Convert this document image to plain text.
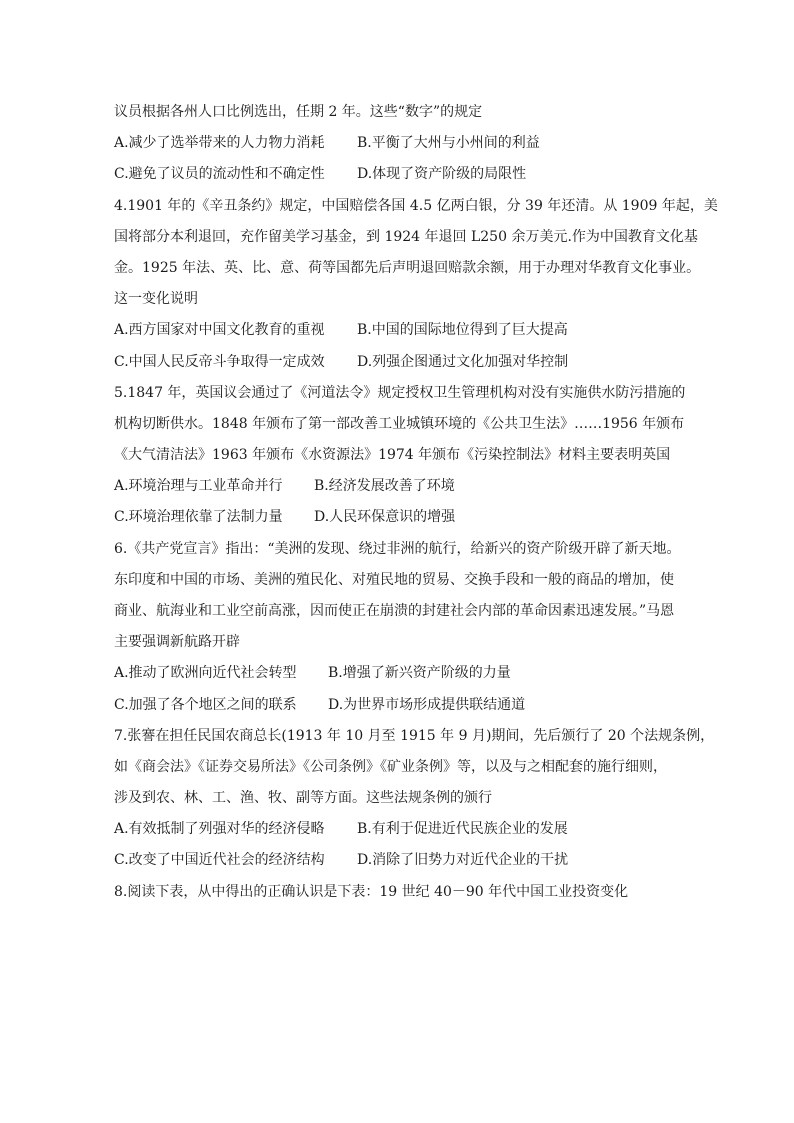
议员根据各州人口比例选出，任期 2 年。这些“数字”的规定
A.减少了选举带来的人力物力消耗 B.平衡了大州与小州间的利益
C.避免了议员的流动性和不确定性 D.体现了资产阶级的局限性
4.1901 年的《辛丑条约》规定，中国赔偿各国 4.5 亿两白银，分 39 年还清。从 1909 年起，美
国将部分本利退回，充作留美学习基金，到 1924 年退回 L250 余万美元.作为中国教育文化基
金。1925 年法、英、比、意、荷等国都先后声明退回赔款余额，用于办理对华教育文化事业。
这一变化说明
A.西方国家对中国文化教育的重视 B.中国的国际地位得到了巨大提高
C.中国人民反帝斗争取得一定成效 D.列强企图通过文化加强对华控制
5.1847 年，英国议会通过了《河道法令》规定授权卫生管理机构对没有实施供水防污措施的
机构切断供水。1848 年颁布了第一部改善工业城镇环境的《公共卫生法》……1956 年颁布
《大气清洁法》1963 年颁布《水资源法》1974 年颁布《污染控制法》材料主要表明英国
A.环境治理与工业革命并行 B.经济发展改善了环境
C.环境治理依靠了法制力量 D.人民环保意识的增强
6.《共产党宣言》指出：“美洲的发现、绕过非洲的航行，给新兴的资产阶级开辟了新天地。
东印度和中国的市场、美洲的殖民化、对殖民地的贸易、交换手段和一般的商品的增加，使
商业、航海业和工业空前高涨，因而使正在崩溃的封建社会内部的革命因素迅速发展。”马恩
主要强调新航路开辟
A.推动了欧洲向近代社会转型 B.增强了新兴资产阶级的力量
C.加强了各个地区之间的联系 D.为世界市场形成提供联结通道
7.张謇在担任民国农商总长(1913 年 10 月至 1915 年 9 月)期间，先后颁行了 20 个法规条例，
如《商会法》《证券交易所法》《公司条例》《矿业条例》等，以及与之相配套的施行细则，
涉及到农、林、工、渔、牧、副等方面。这些法规条例的颁行
A.有效抵制了列强对华的经济侵略 B.有利于促进近代民族企业的发展
C.改变了中国近代社会的经济结构 D.消除了旧势力对近代企业的干扰
8.阅读下表，从中得出的正确认识是下表：19 世纪 40－90 年代中国工业投资变化
